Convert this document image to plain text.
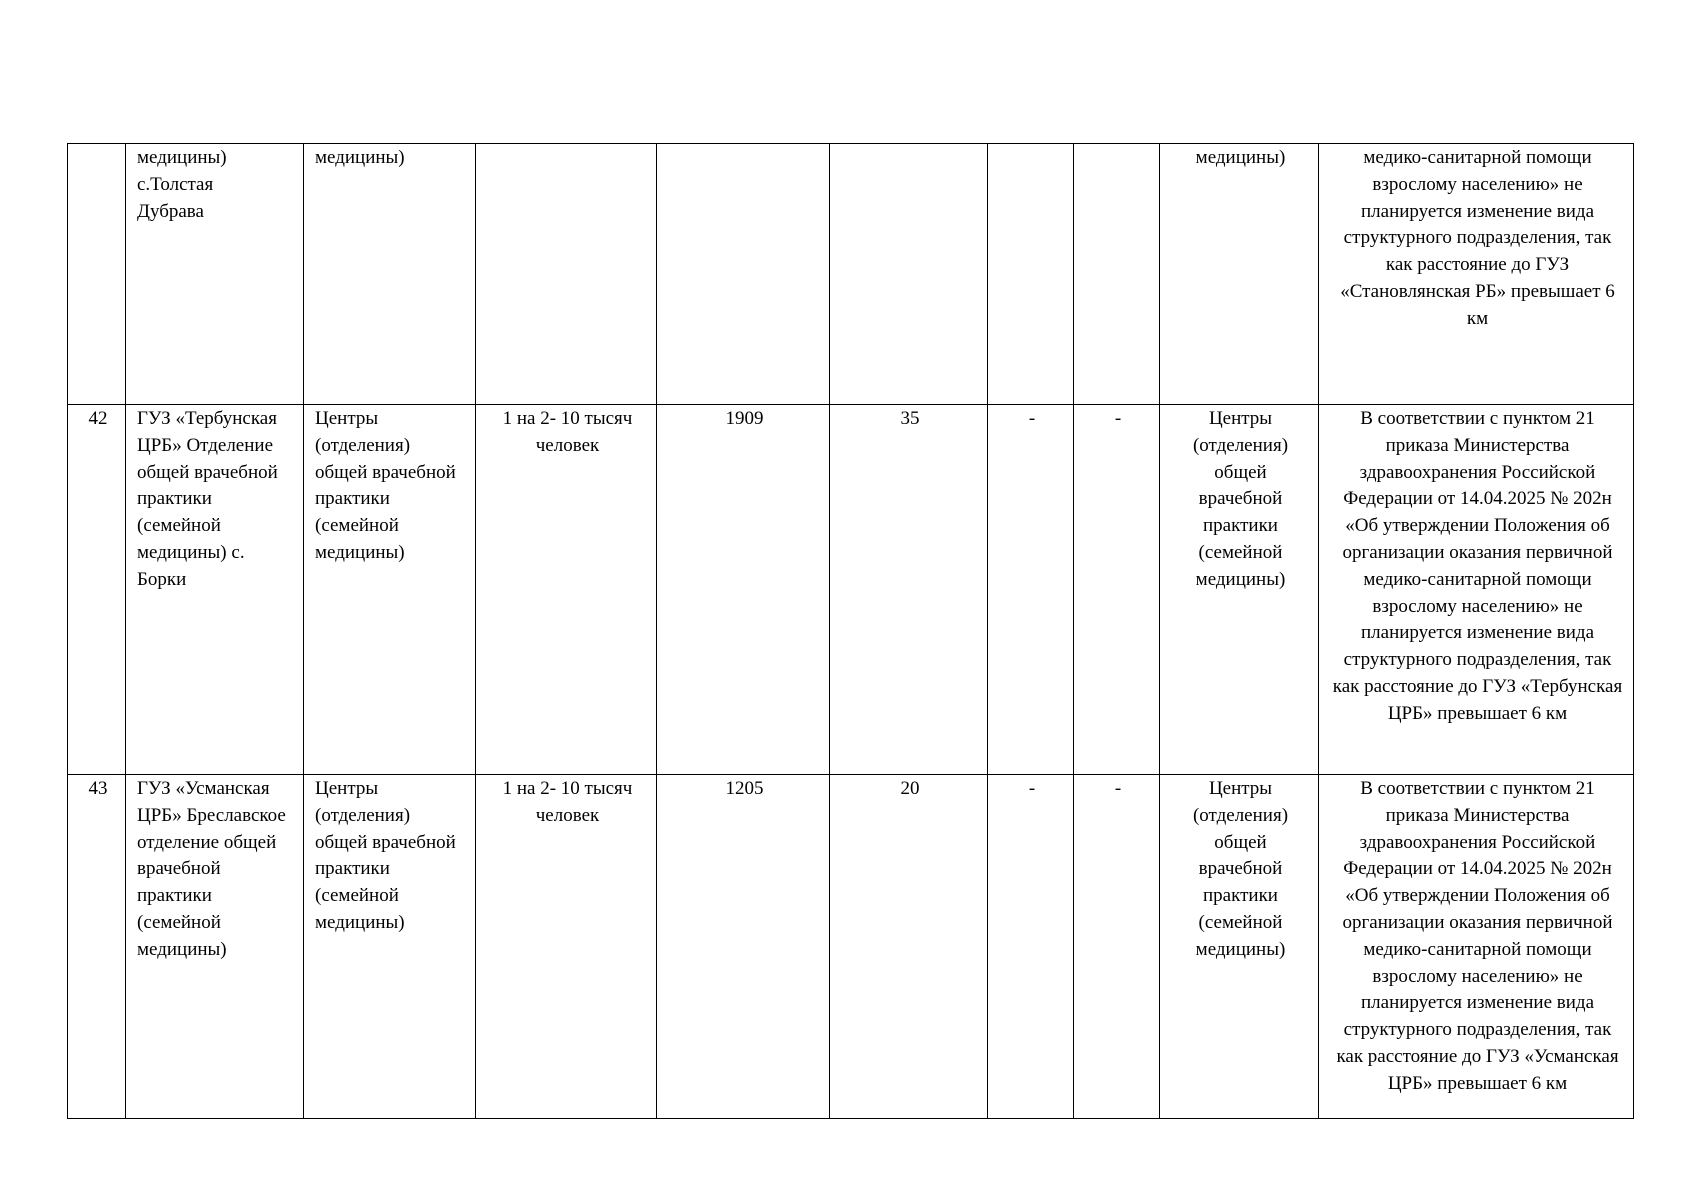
	медицины)
с.Толстая
Дубрава	медицины)						медицины)	медико-санитарной помощи взрослому населению» не планируется изменение вида структурного подразделения, так как расстояние до ГУЗ «Становлянская РБ» превышает 6 км
42	ГУЗ «Тербунская ЦРБ» Отделение общей врачебной практики (семейной медицины) с. Борки	Центры (отделения) общей врачебной практики (семейной медицины)	1 на 2- 10 тысяч человек	1909	35	-	-	Центры (отделения) общей врачебной практики (семейной медицины)	В соответствии с пунктом 21 приказа Министерства здравоохранения Российской Федерации от 14.04.2025 № 202н «Об утверждении Положения об организации оказания первичной медико-санитарной помощи взрослому населению» не планируется изменение вида структурного подразделения, так как расстояние до ГУЗ «Тербунская ЦРБ» превышает 6 км
43	ГУЗ «Усманская ЦРБ» Бреславское отделение общей врачебной практики (семейной медицины)	Центры (отделения) общей врачебной практики (семейной медицины)	1 на 2- 10 тысяч человек	1205	20	-	-	Центры (отделения) общей врачебной практики (семейной медицины)	В соответствии с пунктом 21 приказа Министерства здравоохранения Российской Федерации от 14.04.2025 № 202н «Об утверждении Положения об организации оказания первичной медико-санитарной помощи взрослому населению» не планируется изменение вида структурного подразделения, так как расстояние до ГУЗ «Усманская ЦРБ» превышает 6 км
